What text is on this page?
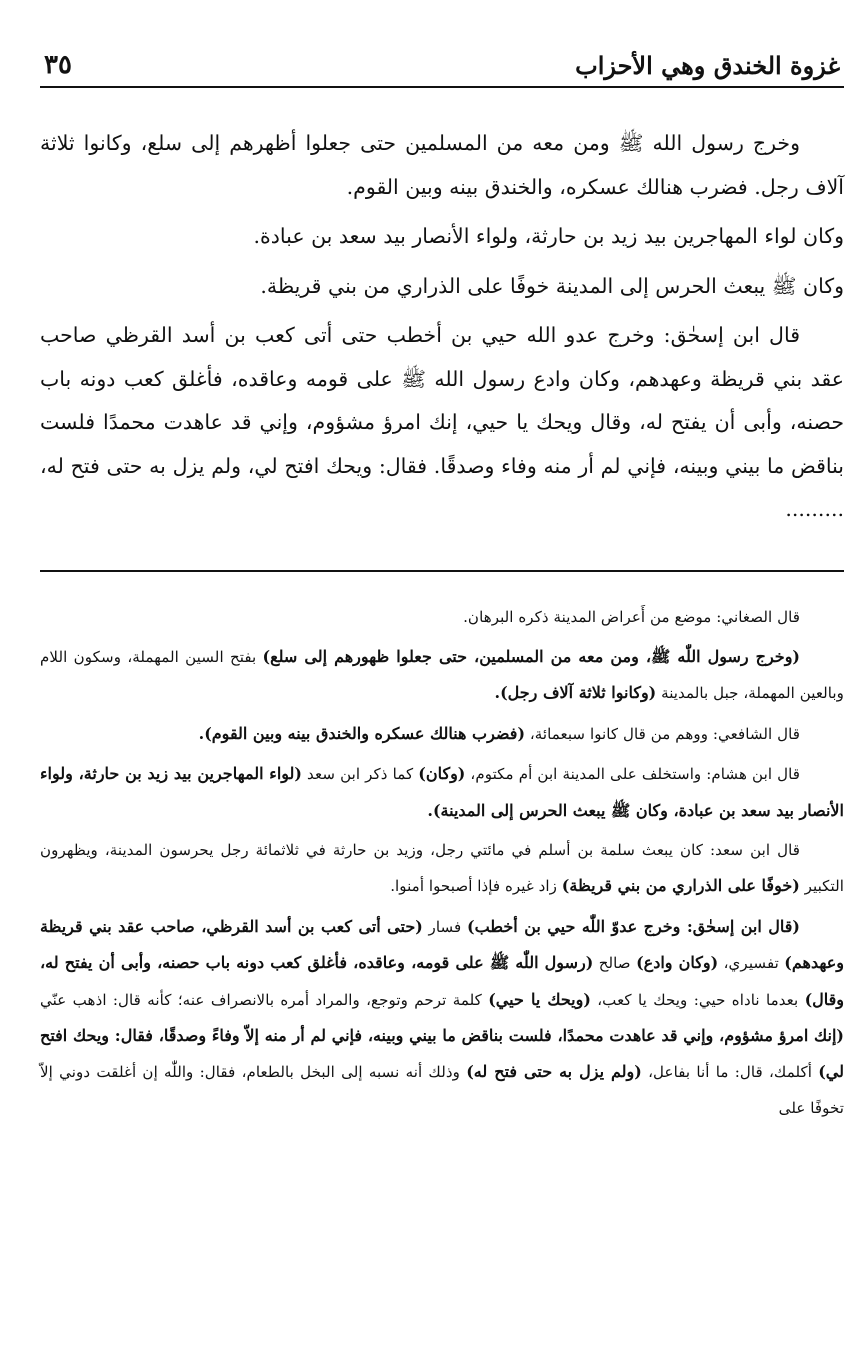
غزوة الخندق وهي الأحزاب
٣٥

وخرج رسول الله ﷺ ومن معه من المسلمين حتى جعلوا أظهرهم إلى سلع، وكانوا ثلاثة آلاف رجل. فضرب هنالك عسكره، والخندق بينه وبين القوم.

وكان لواء المهاجرين بيد زيد بن حارثة، ولواء الأنصار بيد سعد بن عبادة.

وكان ﷺ يبعث الحرس إلى المدينة خوفًا على الذراري من بني قريظة.

قال ابن إسحٰق: وخرج عدو الله حيي بن أخطب حتى أتى كعب بن أسد القرظي صاحب عقد بني قريظة وعهدهم، وكان وادع رسول الله ﷺ على قومه وعاقده، فأغلق كعب دونه باب حصنه، وأبى أن يفتح له، وقال ويحك يا حيي، إنك امرؤ مشؤوم، وإني قد عاهدت محمدًا فلست بناقض ما بيني وبينه، فإني لم أر منه وفاء وصدقًا. فقال: ويحك افتح لي، ولم يزل به حتى فتح له، .........

قال الصغاني: موضع من أَعراض المدينة ذكره البرهان.

(وخرج رسول اللّٰه ﷺ، ومن معه من المسلمين، حتى جعلوا ظهورهم إلى سلع) بفتح السين المهملة، وسكون اللام وبالعين المهملة، جبل بالمدينة (وكانوا ثلاثة آلاف رجل).

قال الشافعي: ووهم من قال كانوا سبعمائة، (فضرب هنالك عسكره والخندق بينه وبين القوم).

قال ابن هشام: واستخلف على المدينة ابن أم مكتوم، (وكان) كما ذكر ابن سعد (لواء المهاجرين بيد زيد بن حارثة، ولواء الأنصار بيد سعد بن عبادة، وكان ﷺ يبعث الحرس إلى المدينة).

قال ابن سعد: كان يبعث سلمة بن أسلم في مائتي رجل، وزيد بن حارثة في ثلاثمائة رجل يحرسون المدينة، ويظهرون التكبير (خوفًا على الذراري من بني قريظة) زاد غيره فإذا أصبحوا أمنوا.

(قال ابن إسحٰق: وخرج عدوّ اللّٰه حيي بن أخطب) فسار (حتى أتى كعب بن أسد القرظي، صاحب عقد بني قريظة وعهدهم) تفسيري، (وكان وادع) صالح (رسول اللّٰه ﷺ على قومه، وعاقده، فأغلق كعب دونه باب حصنه، وأبى أن يفتح له، وقال) بعدما ناداه حيي: ويحك يا كعب، (ويحك يا حيي) كلمة ترحم وتوجع، والمراد أمره بالانصراف عنه؛ كأنه قال: اذهب عنّي (إنك امرؤ مشؤوم، وإني قد عاهدت محمدًا، فلست بناقض ما بيني وبينه، فإني لم أر منه إلاّ وفاءً وصدقًا، فقال: ويحك افتح لي) أكلمك، قال: ما أنا بفاعل، (ولم يزل به حتى فتح له) وذلك أنه نسبه إلى البخل بالطعام، فقال: واللّٰه إن أغلقت دوني إلاّ تخوفًا على
